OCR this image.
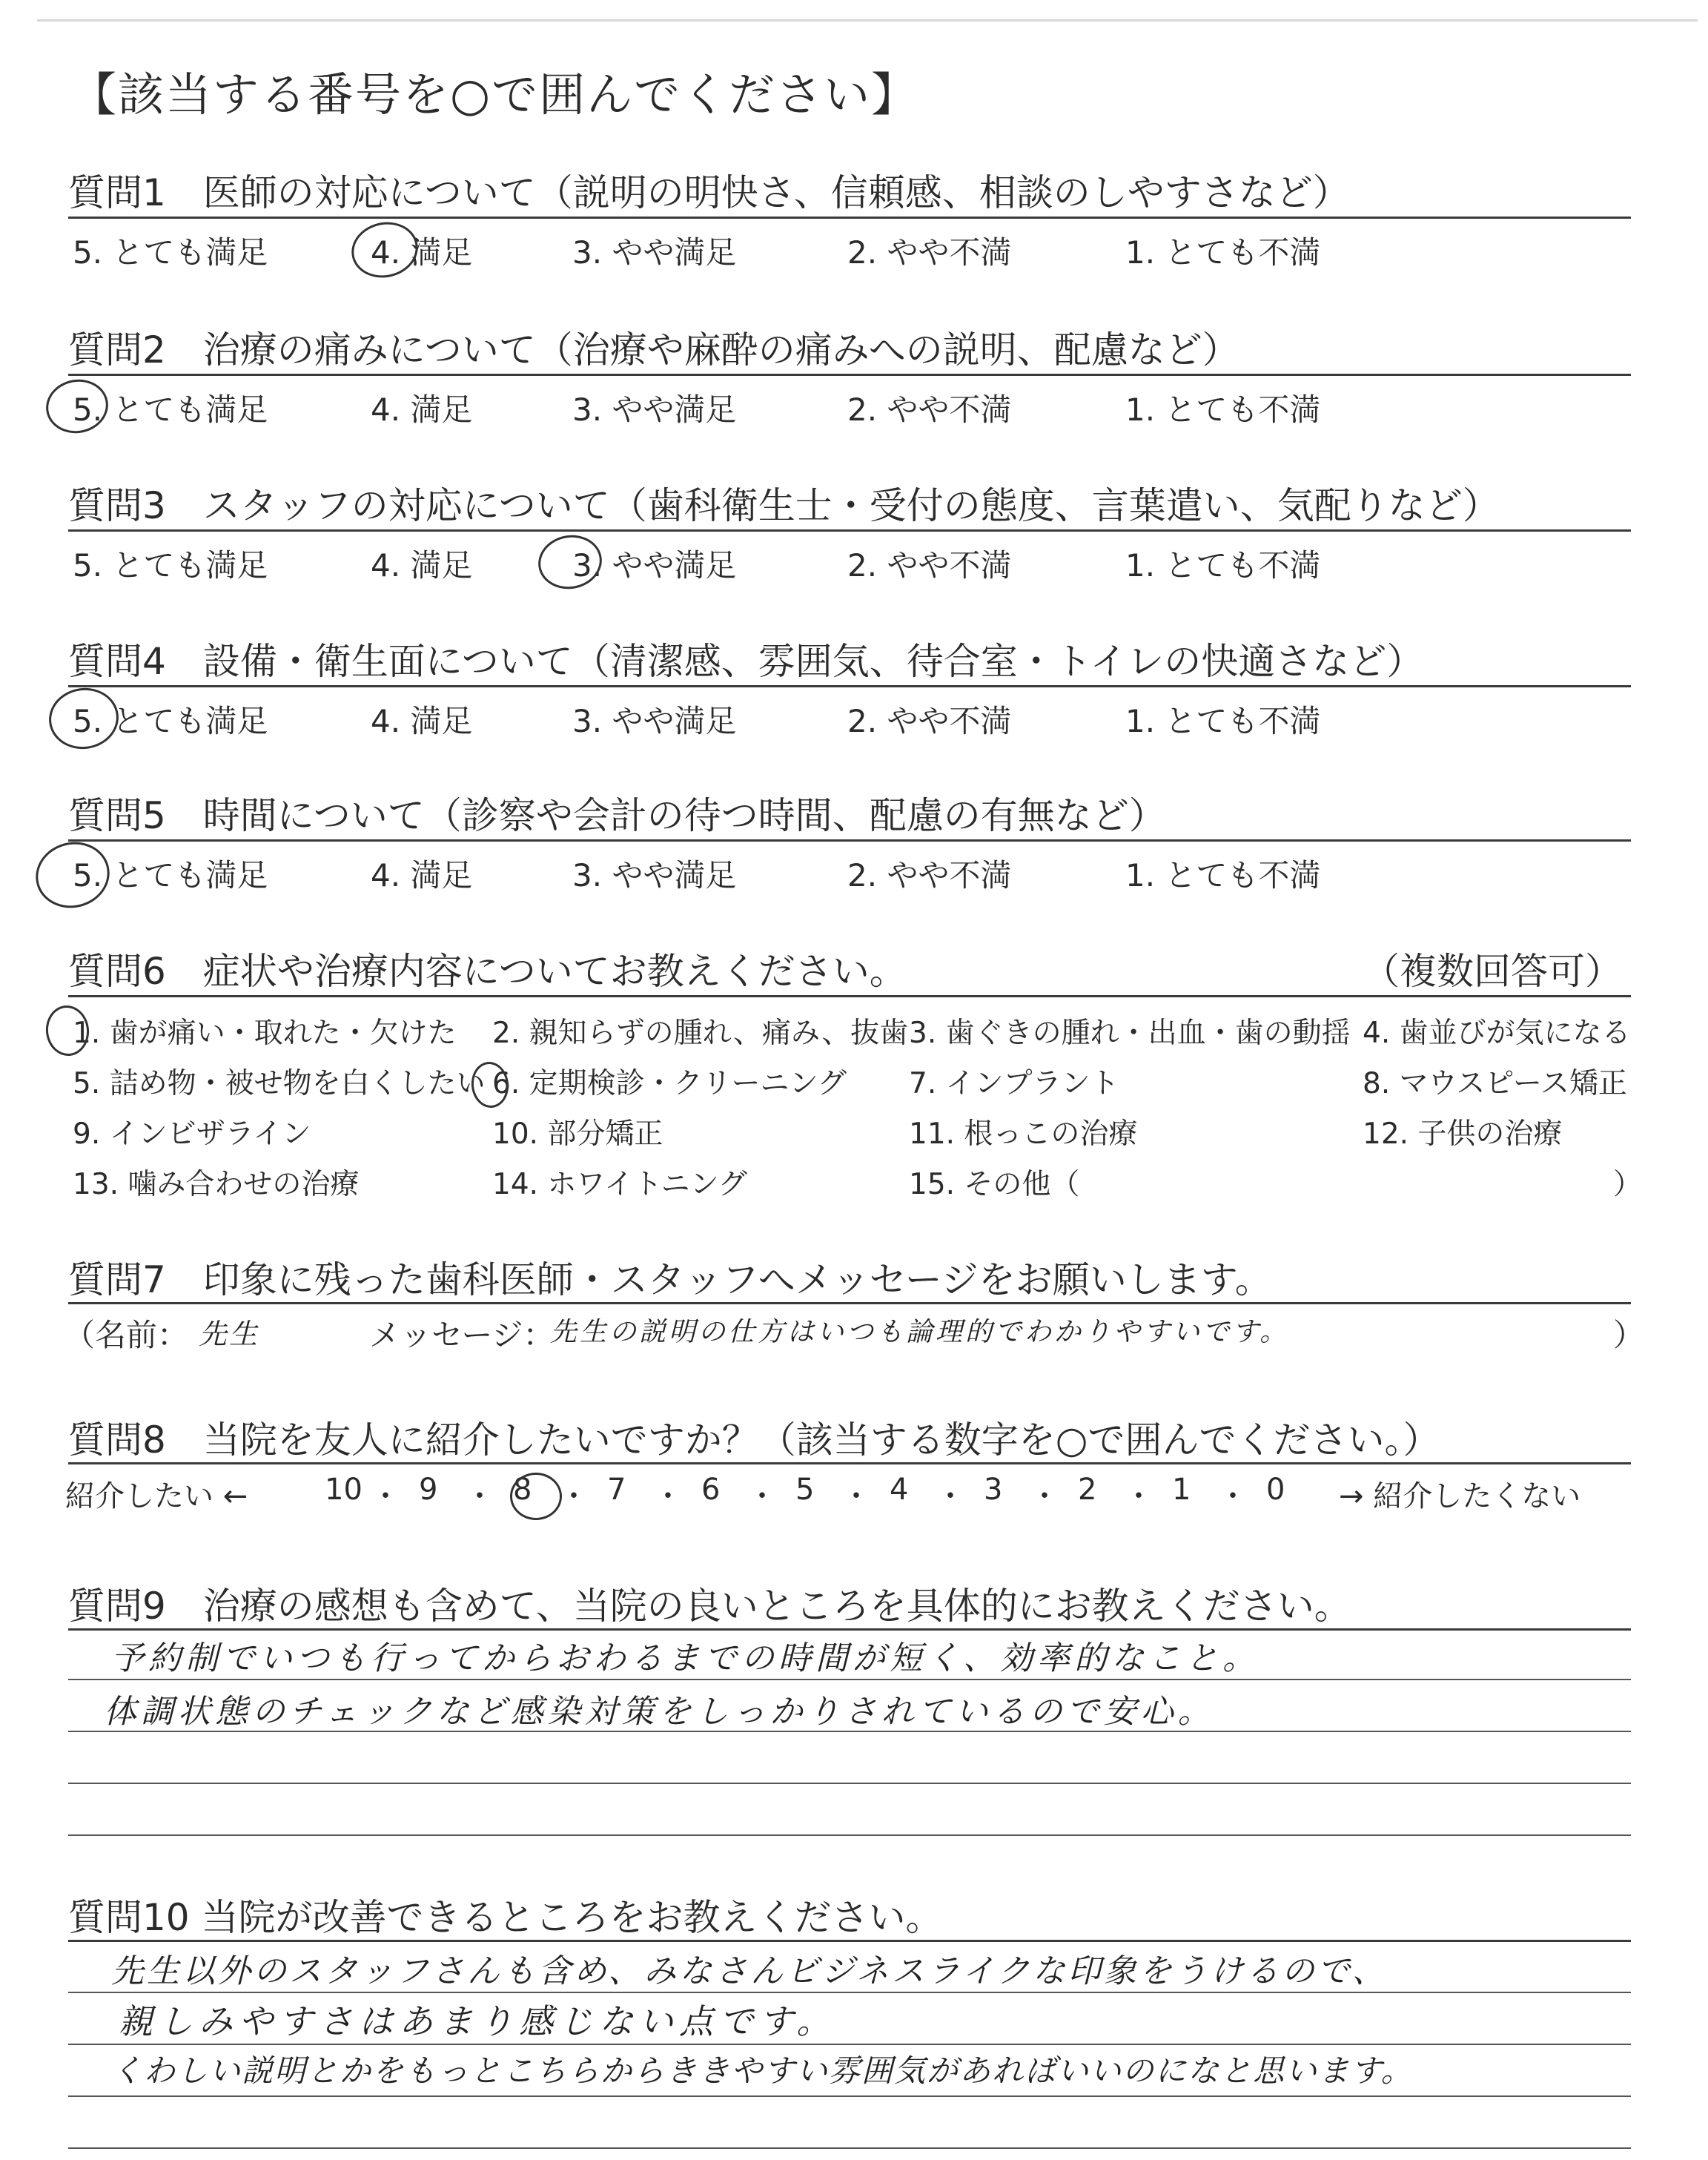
【該当する番号を○で囲んでください】
質問1　医師の対応について（説明の明快さ、信頼感、相談のしやすさなど）
5. とても満足	4. 満足	3. やや満足	2. やや不満	1. とても不満
質問2　治療の痛みについて（治療や麻酔の痛みへの説明、配慮など）
5. とても満足	4. 満足	3. やや満足	2. やや不満	1. とても不満
質問3　スタッフの対応について（歯科衛生士・受付の態度、言葉遣い、気配りなど）
5. とても満足	4. 満足	3. やや満足	2. やや不満	1. とても不満
質問4　設備・衛生面について（清潔感、雰囲気、待合室・トイレの快適さなど）
5. とても満足	4. 満足	3. やや満足	2. やや不満	1. とても不満
質問5　時間について（診察や会計の待つ時間、配慮の有無など）
5. とても満足	4. 満足	3. やや満足	2. やや不満	1. とても不満
質問6　症状や治療内容についてお教えください。	（複数回答可）
1. 歯が痛い・取れた・欠けた 2. 親知らずの腫れ、痛み、抜歯 3. 歯ぐきの腫れ・出血・歯の動揺 4. 歯並びが気になる
5. 詰め物・被せ物を白くしたい 6. 定期検診・クリーニング 7. インプラント	8. マウスピース矯正
9. インビザライン	10. 部分矯正	11. 根っこの治療	12. 子供の治療
13. 噛み合わせの治療	14. ホワイトニング	15. その他（	）
質問7　印象に残った歯科医師・スタッフへメッセージをお願いします。
（名前： 先生	メッセージ：
先生の説明の仕方はいつも論理的でわかりやすいです。	）
質問8　当院を友人に紹介したいですか？（該当する数字を○で囲んでください。）
紹介したい ←	10 ・ 9 ・ 8 ・ 7 ・ 6 ・ 5 ・ 4 ・ 3 ・ 2 ・ 1 ・ 0 → 紹介したくない
質問9　治療の感想も含めて、当院の良いところを具体的にお教えください。
予約制でいつも行ってからおわるまでの時間が短く、効率的なこと。
体調状態のチェックなど感染対策をしっかりされているので安心。
質問10 当院が改善できるところをお教えください。
先生以外のスタッフさんも含め、みなさんビジネスライクな印象をうけるので、
親しみやすさはあまり感じない点です。
くわしい説明とかをもっとこちらからききやすい雰囲気があればいいのになと思います。
